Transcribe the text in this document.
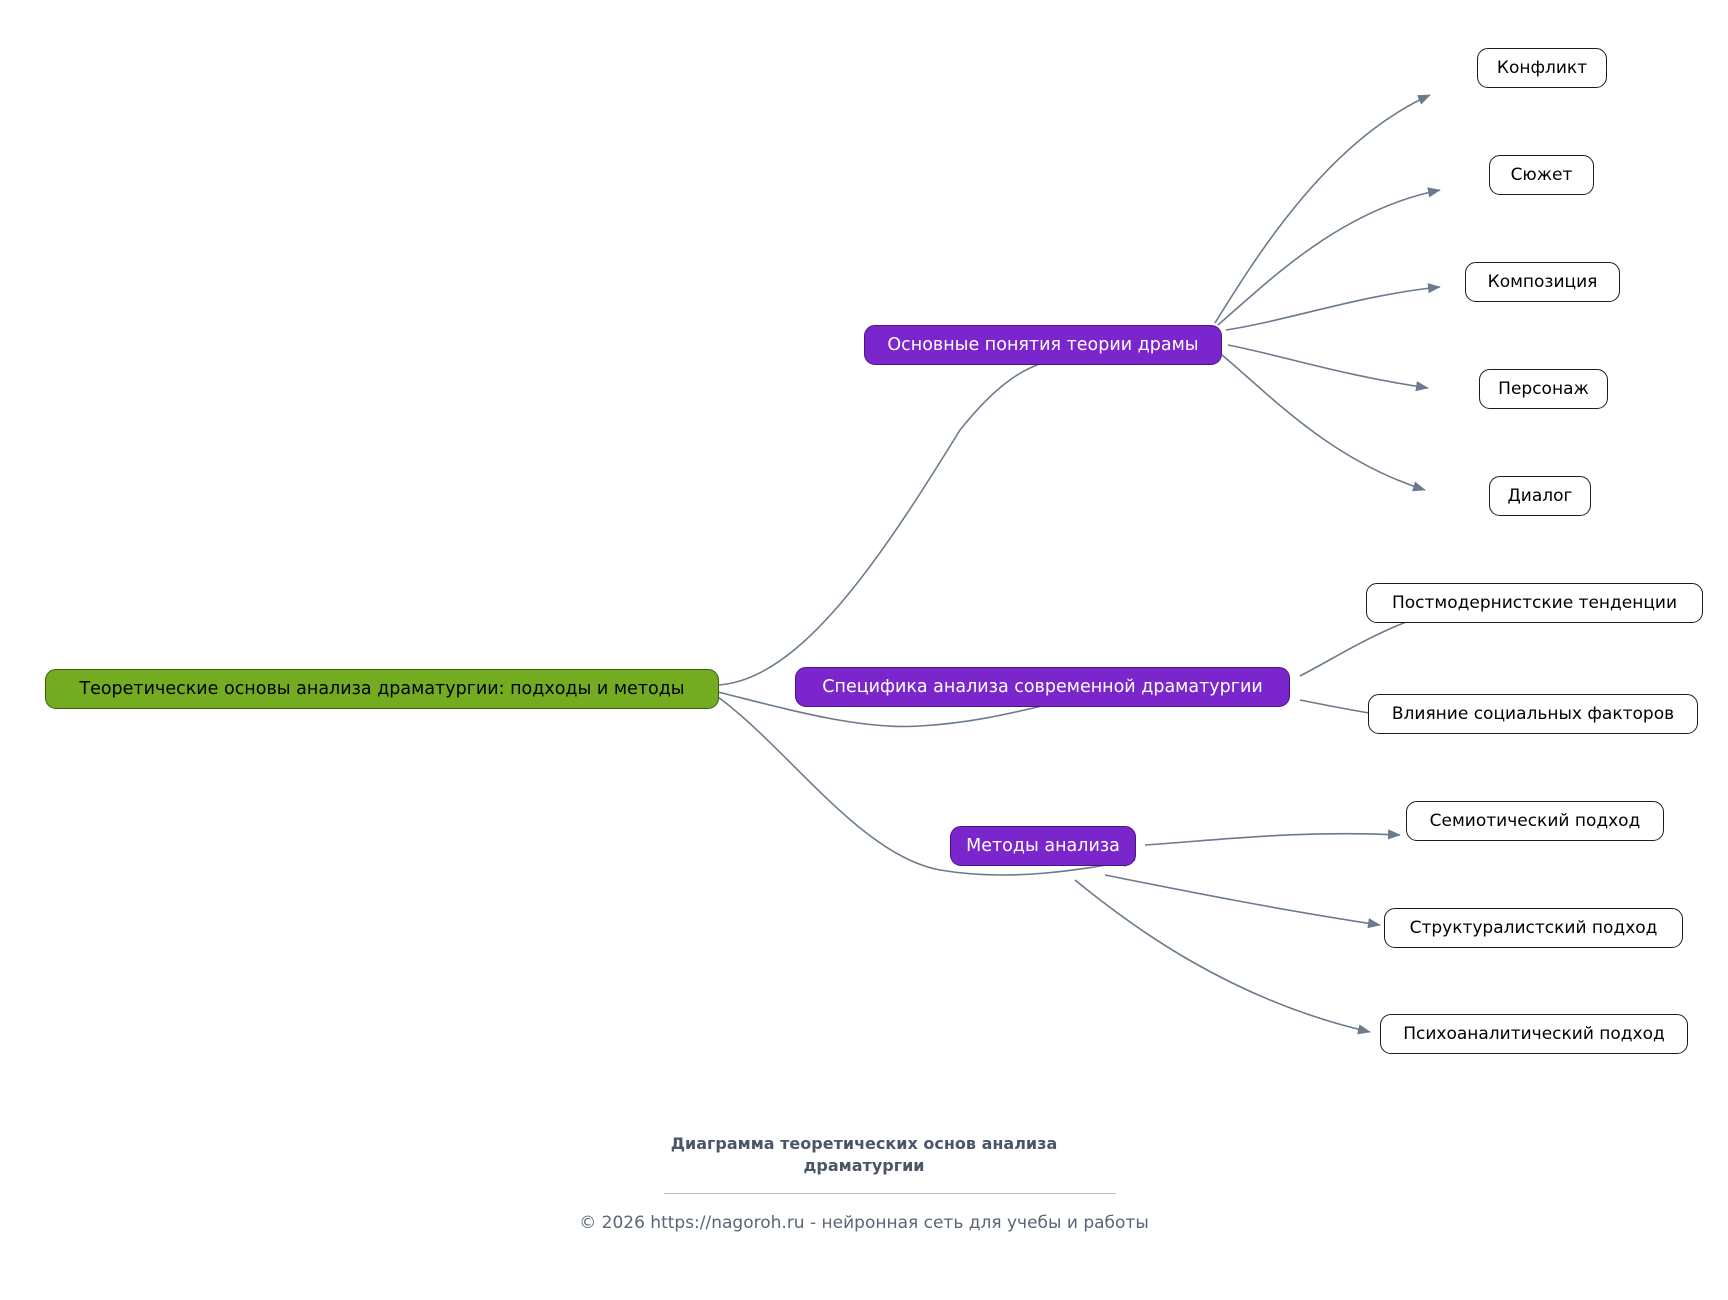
Теоретические основы анализа драматургии: подходы и методы
Основные понятия теории драмы
Специфика анализа современной драматургии
Методы анализа
Конфликт
Сюжет
Композиция
Персонаж
Диалог
Постмодернистские тенденции
Влияние социальных факторов
Семиотический подход
Структуралистский подход
Психоаналитический подход
Диаграмма теоретических основ анализа
драматургии
© 2026 https://nagoroh.ru - нейронная сеть для учебы и работы
